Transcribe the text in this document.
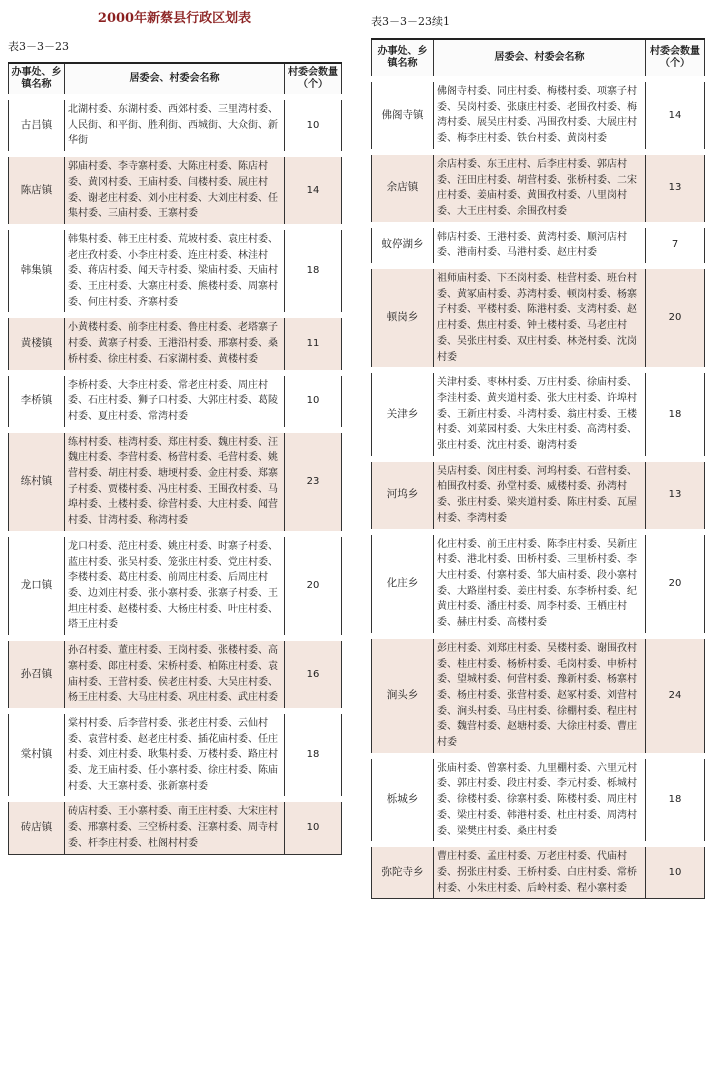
2000年新蔡县行政区划表
表3－3－23
办事处、乡镇名称	居委会、村委会名称	村委会数量（个）
古吕镇	北湖村委、东湖村委、西郊村委、三里湾村委、人民街、和平街、胜利街、西城街、大众街、新华街	10
陈店镇	郭庙村委、李寺寨村委、大陈庄村委、陈店村委、黄冈村委、王庙村委、闫楼村委、展庄村委、谢老庄村委、刘小庄村委、大刘庄村委、任集村委、三庙村委、王寨村委	14
韩集镇	韩集村委、韩王庄村委、荒坡村委、袁庄村委、老庄孜村委、小李庄村委、连庄村委、林洼村委、蒋店村委、闻天寺村委、梁庙村委、天庙村委、王庄村委、大寨庄村委、熊楼村委、周寨村委、何庄村委、齐寨村委	18
黄楼镇	小黄楼村委、前李庄村委、鲁庄村委、老塔寨子村委、黄寨子村委、王港沿村委、邢寨村委、桑桥村委、徐庄村委、石家湖村委、黄楼村委	11
李桥镇	李桥村委、大李庄村委、常老庄村委、周庄村委、石庄村委、狮子口村委、大郭庄村委、葛陵村委、夏庄村委、常湾村委	10
练村镇	练村村委、桂湾村委、郑庄村委、魏庄村委、汪魏庄村委、李营村委、杨营村委、毛营村委、姚营村委、胡庄村委、塘埂村委、金庄村委、郑寨子村委、贾楼村委、冯庄村委、王围孜村委、马埠村委、土楼村委、徐营村委、大庄村委、闻营村委、甘湾村委、称湾村委	23
龙口镇	龙口村委、范庄村委、姚庄村委、时寨子村委、蓝庄村委、张吴村委、笼张庄村委、党庄村委、李楼村委、葛庄村委、前周庄村委、后周庄村委、边刘庄村委、张小寨村委、张寨子村委、王坦庄村委、赵楼村委、大杨庄村委、叶庄村委、塔王庄村委	20
孙召镇	孙召村委、董庄村委、王岗村委、张楼村委、高寨村委、郎庄村委、宋桥村委、柏陈庄村委、袁庙村委、王营村委、侯老庄村委、大吴庄村委、杨王庄村委、大马庄村委、巩庄村委、武庄村委	16
棠村镇	棠村村委、后李营村委、张老庄村委、云仙村委、袁营村委、赵老庄村委、插花庙村委、任庄村委、刘庄村委、耿集村委、万楼村委、路庄村委、龙王庙村委、任小寨村委、徐庄村委、陈庙村委、大王寨村委、张新寨村委	18
砖店镇	砖店村委、王小寨村委、南王庄村委、大宋庄村委、邢寨村委、三空桥村委、汪寨村委、周寺村委、杆李庄村委、杜阁村村委	10
表3－3－23续1
办事处、乡镇名称	居委会、村委会名称	村委会数量（个）
佛阁寺镇	佛阁寺村委、同庄村委、梅楼村委、项寨子村委、吴岗村委、张康庄村委、老围孜村委、梅湾村委、展吴庄村委、冯围孜村委、大展庄村委、梅李庄村委、铁台村委、黄岗村委	14
余店镇	余店村委、东王庄村、后李庄村委、郭店村委、汪田庄村委、胡营村委、张桥村委、二宋庄村委、姜庙村委、黄围孜村委、八里岗村委、大王庄村委、余围孜村委	13
蚊停湖乡	韩店村委、王港村委、黄湾村委、顺河店村委、港南村委、马港村委、赵庄村委	7
顿岗乡	祖师庙村委、下丕岗村委、桂营村委、班台村委、黄冢庙村委、苏湾村委、顿岗村委、杨寨子村委、平楼村委、陈港村委、支湾村委、赵庄村委、焦庄村委、钟土楼村委、马老庄村委、吴张庄村委、双庄村委、林尧村委、沈岗村委	20
关津乡	关津村委、枣林村委、万庄村委、徐庙村委、李洼村委、黄夹道村委、张大庄村委、许埠村委、王新庄村委、斗湾村委、翁庄村委、王楼村委、刘菜园村委、大朱庄村委、高湾村委、张庄村委、沈庄村委、谢湾村委	18
河坞乡	吴店村委、闵庄村委、河坞村委、石营村委、柏围孜村委、孙堂村委、威楼村委、孙湾村委、张庄村委、梁夹道村委、陈庄村委、瓦屋村委、李湾村委	13
化庄乡	化庄村委、前王庄村委、陈李庄村委、吴新庄村委、港北村委、田桥村委、三里桥村委、李大庄村委、付寨村委、邹大庙村委、段小寨村委、大路崖村委、姜庄村委、东李桥村委、纪黄庄村委、潘庄村委、周李村委、王栖庄村委、赫庄村委、高楼村委	20
涧头乡	彭庄村委、刘郑庄村委、吴楼村委、谢围孜村委、桂庄村委、杨桥村委、毛岗村委、申桥村委、望城村委、何营村委、豫新村委、杨寨村委、杨庄村委、张营村委、赵冢村委、刘营村委、涧头村委、马庄村委、徐棚村委、程庄村委、魏营村委、赵塘村委、大徐庄村委、曹庄村委	24
栎城乡	张庙村委、曾寨村委、九里棚村委、六里元村委、郭庄村委、段庄村委、李元村委、栎城村委、徐楼村委、徐寨村委、陈楼村委、周庄村委、梁庄村委、韩港村委、杜庄村委、周湾村委、梁樊庄村委、桑庄村委	18
弥陀寺乡	曹庄村委、孟庄村委、万老庄村委、代庙村委、拐张庄村委、王桥村委、白庄村委、常桥村委、小朱庄村委、后岭村委、程小寨村委	10
